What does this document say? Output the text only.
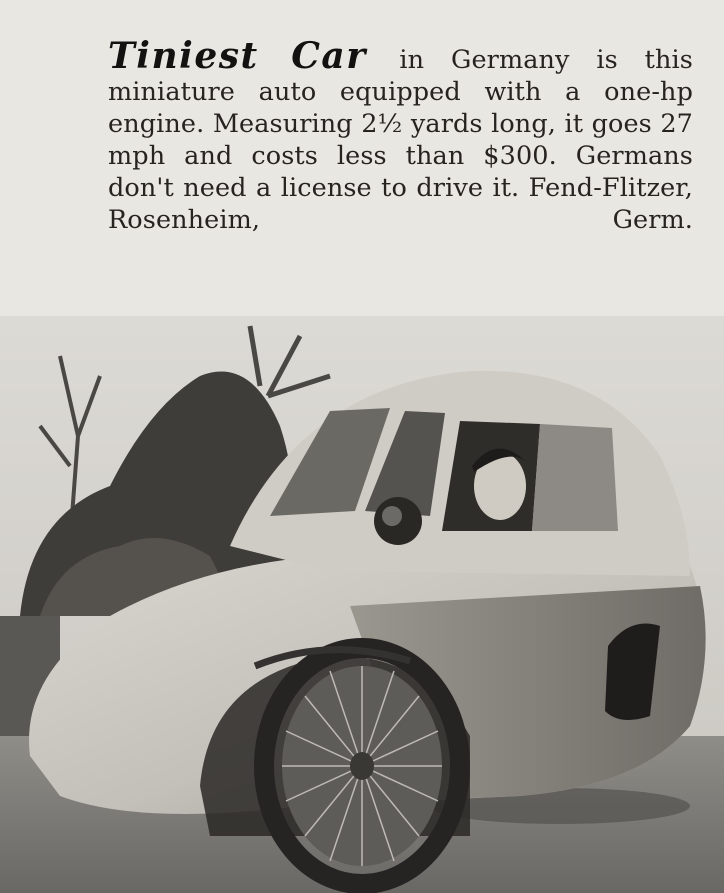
Tiniest Car in Germany is this miniature auto equipped with a one-hp engine. Measuring 2½ yards long, it goes 27 mph and costs less than $300. Germans don't need a license to drive it. Fend-Flitzer, Rosenheim, Germ.
